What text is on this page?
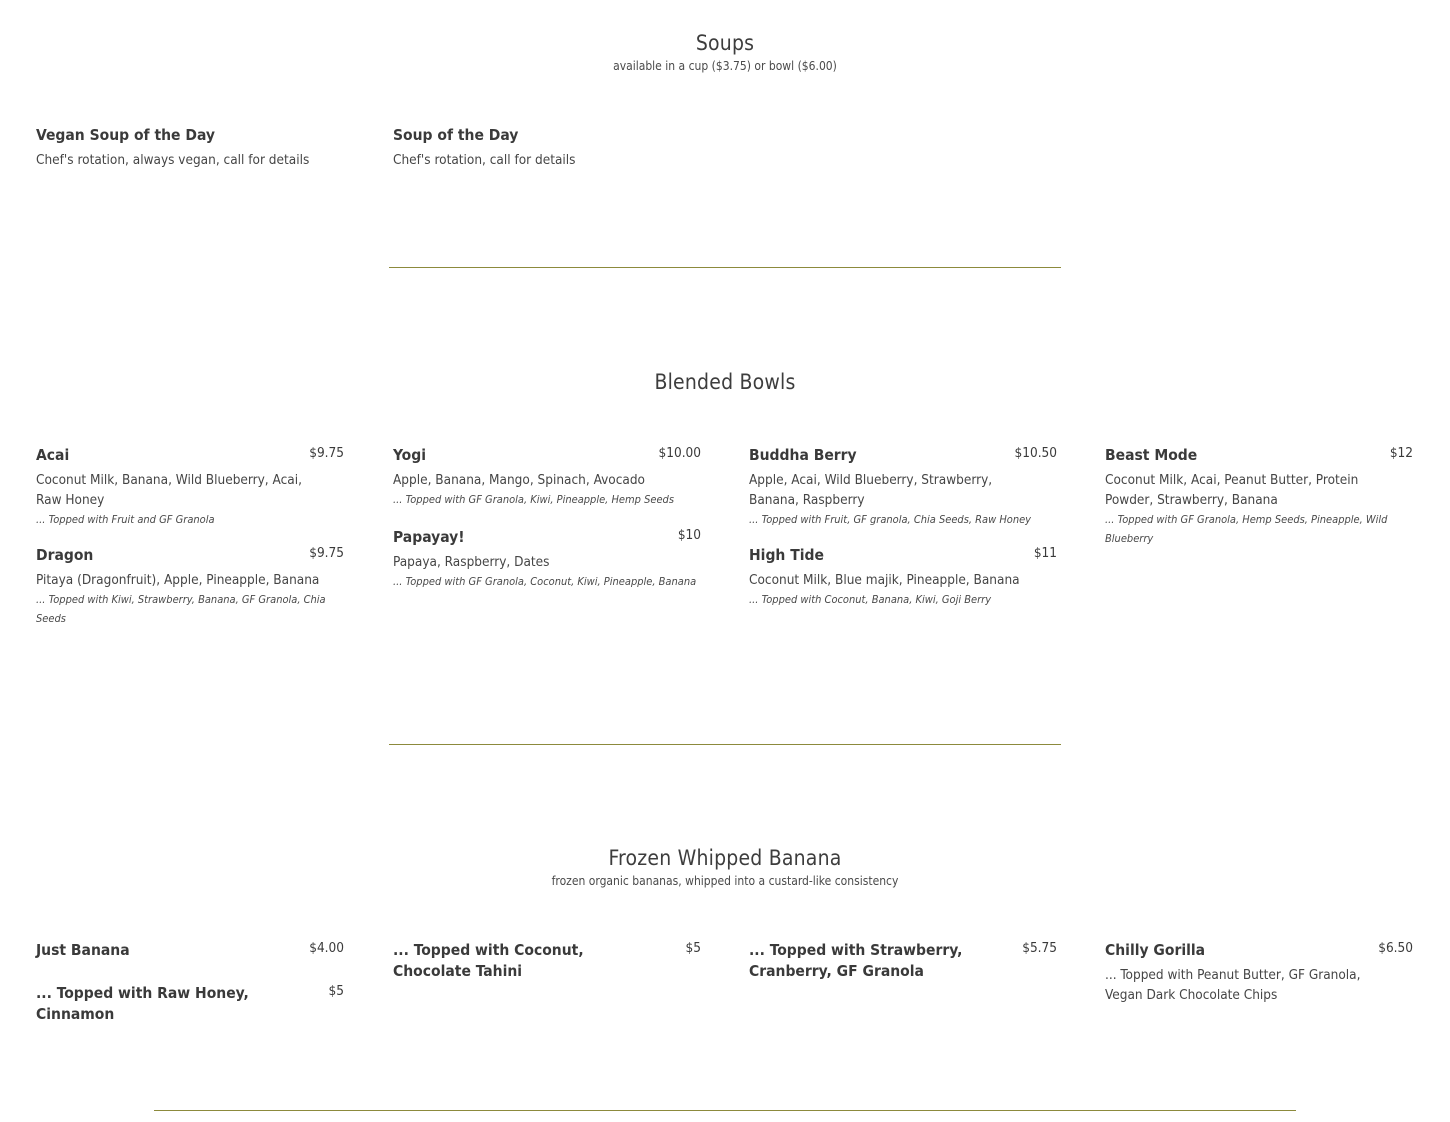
Soups
available in a cup ($3.75) or bowl ($6.00)
Vegan Soup of the Day
Chef's rotation, always vegan, call for details
Soup of the Day
Chef's rotation, call for details
Blended Bowls
Acai	$9.75
Coconut Milk, Banana, Wild Blueberry, Acai, Raw Honey
... Topped with Fruit and GF Granola
Dragon	$9.75
Pitaya (Dragonfruit), Apple, Pineapple, Banana
... Topped with Kiwi, Strawberry, Banana, GF Granola, Chia Seeds
Yogi	$10.00
Apple, Banana, Mango, Spinach, Avocado
... Topped with GF Granola, Kiwi, Pineapple, Hemp Seeds
Papayay!	$10
Papaya, Raspberry, Dates
... Topped with GF Granola, Coconut, Kiwi, Pineapple, Banana
Buddha Berry	$10.50
Apple, Acai, Wild Blueberry, Strawberry, Banana, Raspberry
... Topped with Fruit, GF granola, Chia Seeds, Raw Honey
High Tide	$11
Coconut Milk, Blue majik, Pineapple, Banana
... Topped with Coconut, Banana, Kiwi, Goji Berry
Beast Mode	$12
Coconut Milk, Acai, Peanut Butter, Protein Powder, Strawberry, Banana
... Topped with GF Granola, Hemp Seeds, Pineapple, Wild Blueberry
Frozen Whipped Banana
frozen organic bananas, whipped into a custard-like consistency
Just Banana	$4.00
... Topped with Raw Honey, Cinnamon
$5
... Topped with Coconut, Chocolate Tahini
$5	... Topped with Strawberry, Cranberry, GF Granola
$5.75	Chilly Gorilla	$6.50
... Topped with Peanut Butter, GF Granola, Vegan Dark Chocolate Chips
